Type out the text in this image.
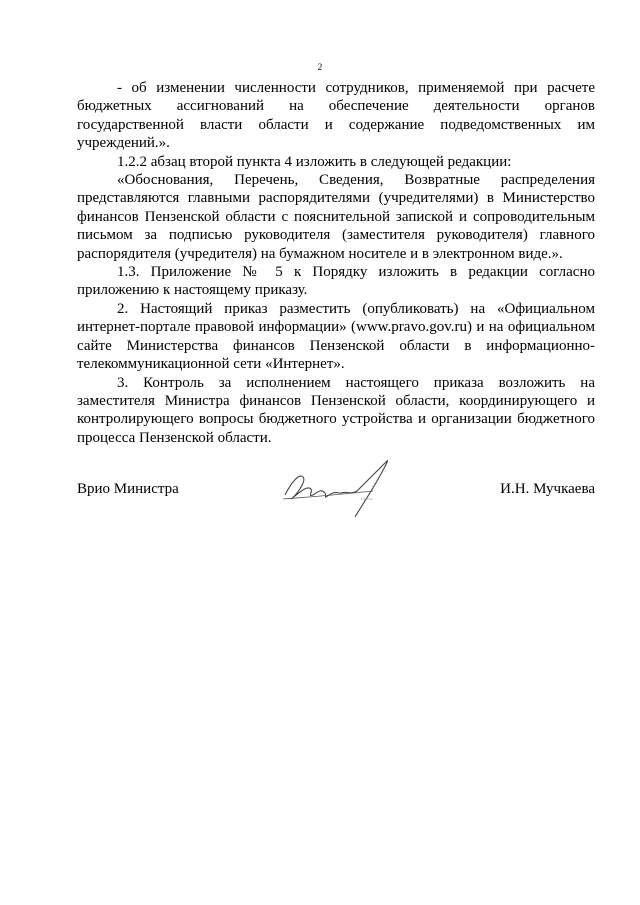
2

- об изменении численности сотрудников, применяемой при расчете бюджетных ассигнований на обеспечение деятельности органов государственной власти области и содержание подведомственных им учреждений.».

1.2.2 абзац второй пункта 4 изложить в следующей редакции:

«Обоснования, Перечень, Сведения, Возвратные распределения представляются главными распорядителями (учредителями) в Министерство финансов Пензенской области с пояснительной запиской и сопроводительным письмом за подписью руководителя (заместителя руководителя) главного распорядителя (учредителя) на бумажном носителе и в электронном виде.».

1.3. Приложение № 5 к Порядку изложить в редакции согласно приложению к настоящему приказу.

2. Настоящий приказ разместить (опубликовать) на «Официальном интернет-портале правовой информации» (www.pravo.gov.ru) и на официальном сайте Министерства финансов Пензенской области в информационно-телекоммуникационной сети «Интернет».

3. Контроль за исполнением настоящего приказа возложить на заместителя Министра финансов Пензенской области, координирующего и контролирующего вопросы бюджетного устройства и организации бюджетного процесса Пензенской области.

Врио Министра	И.Н. Мучкаева
